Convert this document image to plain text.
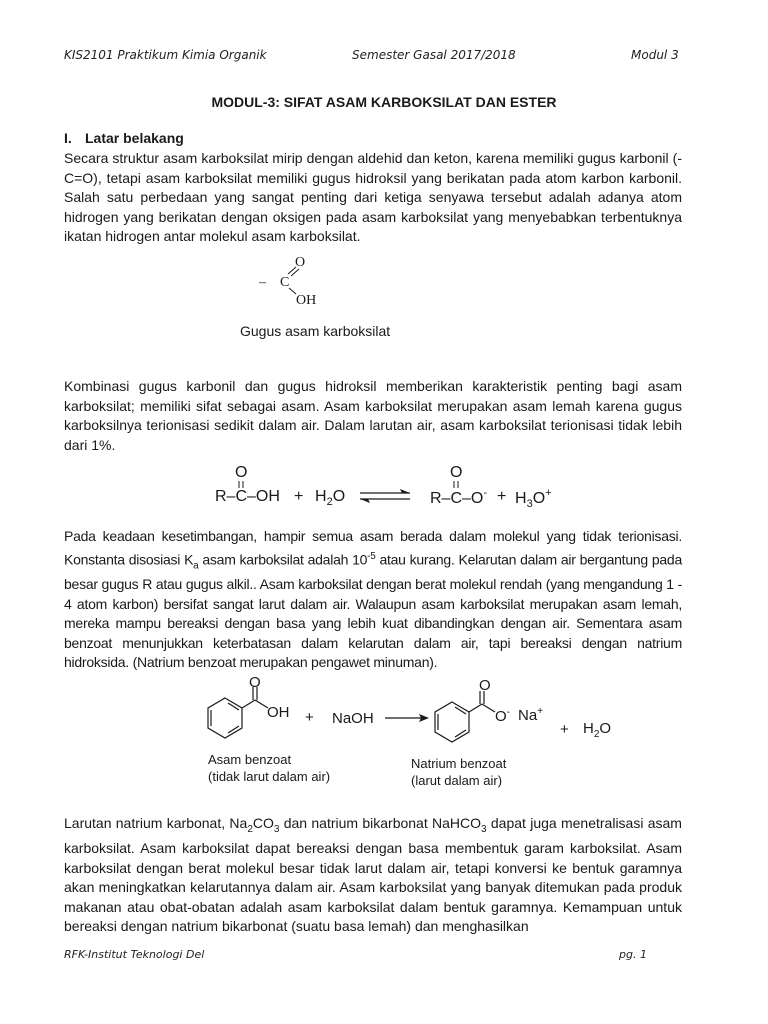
KIS2101 Praktikum Kimia Organik	Semester Gasal 2017/2018	Modul 3
MODUL-3: SIFAT ASAM KARBOKSILAT DAN ESTER
I. Latar belakang
Secara struktur asam karboksilat mirip dengan aldehid dan keton, karena memiliki gugus karbonil (-C=O), tetapi asam karboksilat memiliki gugus hidroksil yang berikatan pada atom karbon karbonil. Salah satu perbedaan yang sangat penting dari ketiga senyawa tersebut adalah adanya atom hidrogen yang berikatan dengan oksigen pada asam karboksilat yang menyebabkan terbentuknya ikatan hidrogen antar molekul asam karboksilat.
– C
O
OH
Gugus asam karboksilat
Kombinasi gugus karbonil dan gugus hidroksil memberikan karakteristik penting bagi asam karboksilat; memiliki sifat sebagai asam. Asam karboksilat merupakan asam lemah karena gugus karboksilnya terionisasi sedikit dalam air. Dalam larutan air, asam karboksilat terionisasi tidak lebih dari 1%.
O
$R-C-OH + H_2O$
O
$R-C-O^- + H_3O^+$
Pada keadaan kesetimbangan, hampir semua asam berada dalam molekul yang tidak terionisasi. Konstanta disosiasi $K_a$ asam karboksilat adalah $10^{-5}$ atau kurang. Kelarutan dalam air bergantung pada besar gugus R atau gugus alkil.. Asam karboksilat dengan berat molekul rendah (yang mengandung 1 - 4 atom karbon) bersifat sangat larut dalam air. Walaupun asam karboksilat merupakan asam lemah, mereka mampu bereaksi dengan basa yang lebih kuat dibandingkan dengan air. Sementara asam benzoat menunjukkan keterbatasan dalam kelarutan dalam air, tapi bereaksi dengan natrium hidroksida. (Natrium benzoat merupakan pengawet minuman).
O
OH + NaOH
O
O- Na+
+ $H_2O$
Asam benzoat
(tidak larut dalam air)
Natrium benzoat
(larut dalam air)
Larutan natrium karbonat, $Na_2CO_3$ dan natrium bikarbonat NaHCO$_3$ dapat juga menetralisasi asam karboksilat. Asam karboksilat dapat bereaksi dengan basa membentuk garam karboksilat. Asam karboksilat dengan berat molekul besar tidak larut dalam air, tetapi konversi ke bentuk garamnya akan meningkatkan kelarutannya dalam air. Asam karboksilat yang banyak ditemukan pada produk makanan atau obat-obatan adalah asam karboksilat dalam bentuk garamnya. Kemampuan untuk bereaksi dengan natrium bikarbonat (suatu basa lemah) dan menghasilkan
RFK-Institut Teknologi Del	pg. 1
